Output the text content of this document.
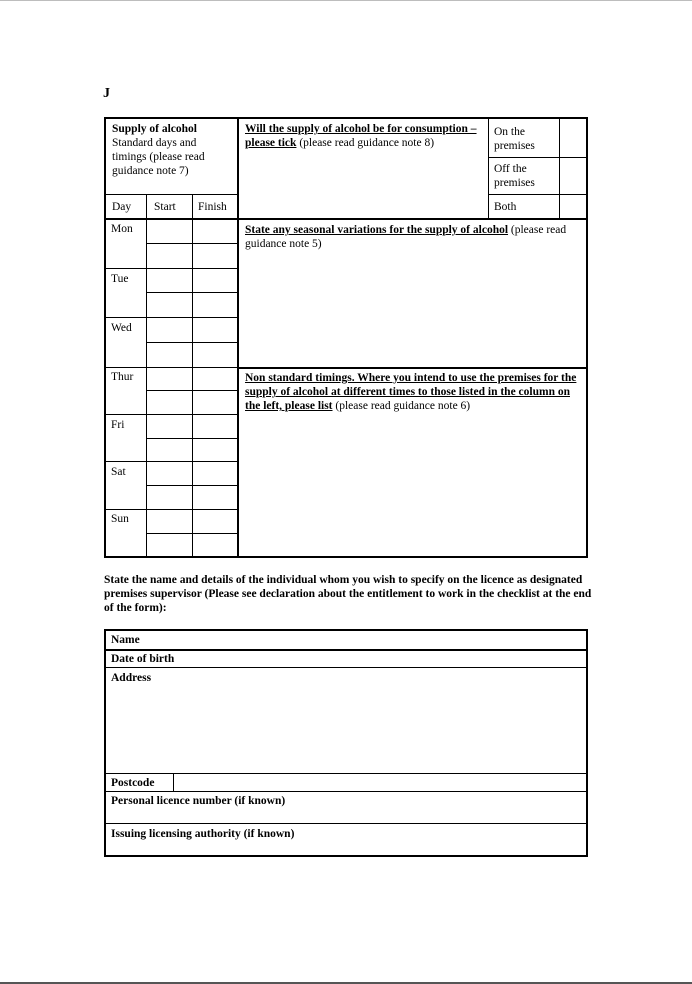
J
Supply of alcohol
Standard days and timings (please read guidance note 7)
Will the supply of alcohol be for consumption – please tick (please read guidance note 8)
On the premises
Off the premises
Both
Day Start Finish
Mon
Tue
Wed
Thur
Fri
Sat
Sun
State any seasonal variations for the supply of alcohol (please read guidance note 5)
Non standard timings. Where you intend to use the premises for the supply of alcohol at different times to those listed in the column on the left, please list (please read guidance note 6)
State the name and details of the individual whom you wish to specify on the licence as designated premises supervisor (Please see declaration about the entitlement to work in the checklist at the end of the form):
Name
Date of birth
Address
Postcode
Personal licence number (if known)
Issuing licensing authority (if known)
